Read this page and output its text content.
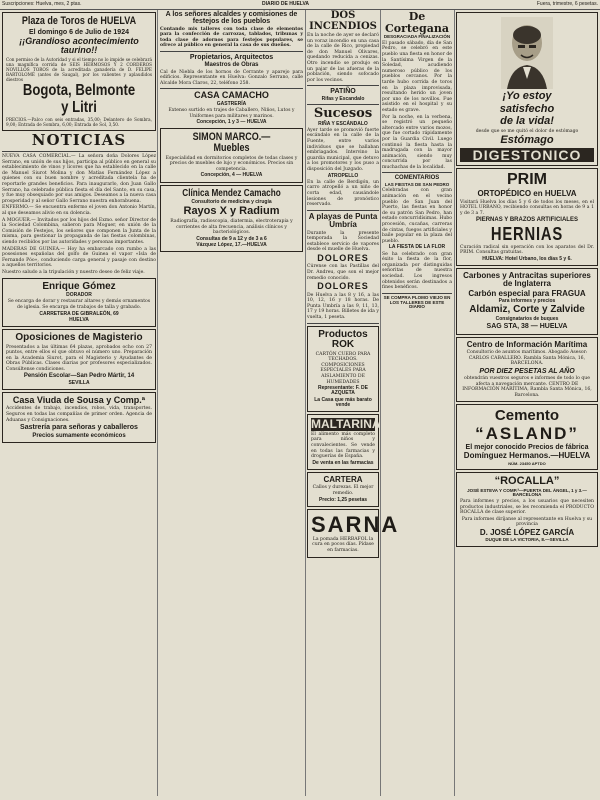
Suscripciones: Huelva, mes, 2 ptas.	DIARIO DE HUELVA	Fuera, trimestre, 6 pesetas.
Plaza de Toros de HUELVA
El domingo 6 de Julio de 1924
¡¡Grandioso acontecimiento taurino!!
Con permiso de la Autoridad y si el tiempo no lo impide se celebrará una magnífica corrida de SEIS HERMOSOS Y 2 CORDEROS NOVILLOS TOROS de la acreditada ganadería de D. FELIPE BARTOLOMÉ (antes de Saugal), por los valientes y aplaudidos diestros
Bogota, Belmonte y Litri
PRECIOS.—Palco con seis entradas, 35,00; Delantero de Sombra, 9,00; Entrada de Sombra, 6,00; Entrada de Sol, 3,50.
NOTICIAS
NUEVA CASA COMERCIAL.— La señora doña Dolores López Serrano, en unión de sus hijos, participa al público en general su establecimiento de vinos y licores que ha establecido en la calle de Manuel Siurot Molina y don Matías Fernández López a quienes con su buen nombre y acreditada clientela ha de reportarle grandes beneficios. Para inaugurarlo, don Juan Gallo Serrano, ha celebrado pública fiesta el día del Santo, en su casa, y fue muy obsequiado por sus amigos. Deseamos a la nueva casa prosperidad y al señor Gallo Serrano nuestra enhorabuena.
ENFERMO.— Se encuentra enfermo el joven don Antonio Martín, al que deseamos alivio en su dolencia.
A MOGUER.— Invitados por los hijos del Exmo. señor Director de la Sociedad Colombina, salieron para Moguer, en unión de la Comisión de Festejos, los señores que componen la Junta de la misma, para gestionar la propaganda de las fiestas colombinas, siendo recibidos por las autoridades y personas importantes.
MADERAS DE GUINEA.— Hoy ha embarcado con rumbo a las posesiones españolas del golfo de Guinea el vapor «Isla de Fernando Póo», conduciendo carga general y pasaje con destino a aquellos territorios.
Nuestro saludo a la tripulación y nuestro deseo de feliz viaje.
Enrique Gómez
DORADOR
Se encarga de dorar y restaurar altares y demás ornamentos de iglesia. Se encarga de trabajos de talla y grabado.
CARRETERA DE GIBRALEÓN, 69
HUELVA
Oposiciones de Magisterio
Presentados a las últimas 64 plazas, aprobados ocho con 27 puntos, entre ellos el que obtuvo el número uno. Preparación en la Academia Siurot, para el Magisterio y Ayudantes de Obras Públicas. Clases diarias por profesores especializados. Consúltense condiciones.
Pensión Escolar—San Pedro Mártir, 14
SEVILLA
Casa Viuda de Sousa y Comp.ª
Accidentes de trabajo, incendios, robos, vida, transportes. Seguros en todas las compañías de primer orden. Agencia de Aduanas y Consignaciones.
Sastrería para señoras y caballeros
Precios sumamente económicos
A los señores alcaldes y comisiones de festejos de los pueblos
Contando mis talleres con toda clase de elementos para la confección de carrozas, tablados, tribunas y toda clase de adornos para festejos populares, se ofrece al público en general la casa de sus dueños.
Propietarios, Arquitectos
Maestros de Obras
Cal de Niebla de los hornos de Cerrante y aparejo para edificios. Representante en Huelva: Gonzalo Serrano, calle Alcalde Mora Claros, 22, teléfono 258.
CASA CAMACHO
GASTRERÍA
Extenso surtido en trajes de Caballero, Niños, Lutos y Uniformes para militares y marinos.
Concepción, 1 y 3 — HUELVA
SIMON MARCO.—Muebles
Especialidad en dormitorios completos de todas clases y precios de muebles de lujo y económicos. Precios sin competencia.
Concepción, 4 — HUELVA
Clínica Mendez Camacho
Consultorio de medicina y cirugía
Rayos X y Radium
Radiografía, radioscopia, diatermia, electroterapia y corrientes de alta frecuencia, análisis clínicos y bacteriológicos.
Consultas de 9 a 12 y de 3 a 6
Vázquez López, 17.—HUELVA
DOS INCENDIOS
En la noche de ayer se declaró un voraz incendio en una casa de la calle de Rico, propiedad de don Manuel Olivares, quedando reducida a cenizas. Otro incendio se produjo en un pajar de las afueras de la población, siendo sofocado por los vecinos.
PATIÑO
Rifas y Escandalo
Sucesos
RIÑA Y ESCÁNDALO
Ayer tarde se promovió fuerte escándalo en la calle de la Fuente, entre varios individuos que se hallaban embriagados. Intervino la guardia municipal, que detuvo a los promotores y los puso a disposición del Juzgado.
ATROPELLO
En la calle de Berdigón, un carro atropelló a un niño de corta edad, causándole lesiones de pronóstico reservado.
A playas de Punta Umbría
Durante la presente temporada la Sociedad establece servicio de vapores desde el muelle de Huelva.
DOLORES
Cúrense con las Pastillas del Dr. Andreu, que son el mejor remedio conocido.
DOLORES
De Huelva a las 8 y 16, a las 10, 12, 16 y 18 horas. De Punta Umbría a las 9, 11, 13, 17 y 19 horas. Billetes de ida y vuelta, 1 peseta.
Productos ROK
CARTÓN CUERO PARA TECHADOS. COMPOSICIONES ESPECIALES PARA AISLAMIENTO DE HUMEDADES
Representante: F. DE AZQUETA
La Casa que más barato vende
MALTARINA
El alimento más completo para niños y convalecientes. Se vende en todas las farmacias y droguerías de España.
De venta en las farmacias
CARTERA
Callos y durezas. El mejor remedio.
Precio: 1,25 pesetas
SARNA
La pomada HERBAFOL la cura en pocos días. Pídase en farmacias.
¡Yo estoy
satisfecho
de la vida!
desde que se me quitó el dolor de estómago
Estómago
DIGESTONICO
PRIM
ORTOPÉDICO en HUELVA
Visitará Huelva los días 5 y 6 de todos los meses, en el HOTEL URBANO, recibiendo consultas en horas de 9 a 1 y de 3 a 7.
PIERNAS Y BRAZOS ARTIFICIALES
HERNIAS
Curación radical sin operación con los aparatos del Dr. PRIM. Consultas gratuitas.
HUELVA: Hotel Urbano, los días 5 y 6.
Carbones y Antracitas superiores de Inglaterra
Carbón especial para FRAGUA
Para informes y precios
Aldamiz, Corte y Zalvide
Consignatarios de buques
SAG STA, 38 — HUELVA
Centro de Información Marítima
Consultorio de asuntos marítimos. Abogado Asesor: CARLOS CABALLERO. Rambla Santa Mónica, 16, BARCELONA.
POR DIEZ PESETAS AL AÑO
obtendrán vuestros seguros e informes de todo lo que afecta a navegación mercante. CENTRO DE INFORMACIÓN MARÍTIMA, Rambla Santa Mónica, 16, Barcelona.
Cemento
“ASLAND”
El mejor conocido Precios de fábrica
Domínguez Hermanos.—HUELVA
NÚM. 23450 APTDO
“ROCALLA”
JOSÉ ESTEVA Y COMP.ª—PUERTA DEL ÁNGEL, 1 y 3.—BARCELONA
Para informes y precios, a los usuarios que necesiten productos industriales, se les recomienda el PRODUCTO ROCALLA de clase superior.
Para informes diríjanse al representante en Huelva y su provincia
D. JOSÉ LÓPEZ GARCÍA
DUQUE DE LA VICTORIA, 8.—SEVILLA
De Cortegana
DESGRACIADA FINALIZACIÓN
El pasado sábado, día de San Pedro, se celebró en este pueblo una fiesta en honor de la Santísima Virgen de la Soledad, acudiendo numeroso público de los pueblos cercanos. Por la tarde hubo corrida de toros en la plaza improvisada, resultando herido un joven por uno de los novillos. Fue asistido en el hospital y su estado es grave.
Por la noche, en la verbena, se registró un pequeño altercado entre varios mozos, que fue cortado rápidamente por la Guardia Civil. Luego continuó la fiesta hasta la madrugada con la mayor animación, siendo muy concurrida por las muchachas de la localidad.
COMENTARIOS
LAS FIESTAS DE SAN PEDRO
Celebradas con gran animación en el vecino pueblo de San Juan del Puerto, las fiestas en honor de su patrón San Pedro, han estado concurridísimas. Hubo procesión, cucañas, carreras de cintas, fuegos artificiales y baile popular en la plaza del pueblo.
LA FIESTA DE LA FLOR
Se ha celebrado con gran éxito la fiesta de la flor, organizada por distinguidas señoritas de nuestra sociedad. Los ingresos obtenidos serán destinados a fines benéficos.
SE COMPRA PLOMO VIEJO EN LOS TALLERES DE ESTE DIARIO
